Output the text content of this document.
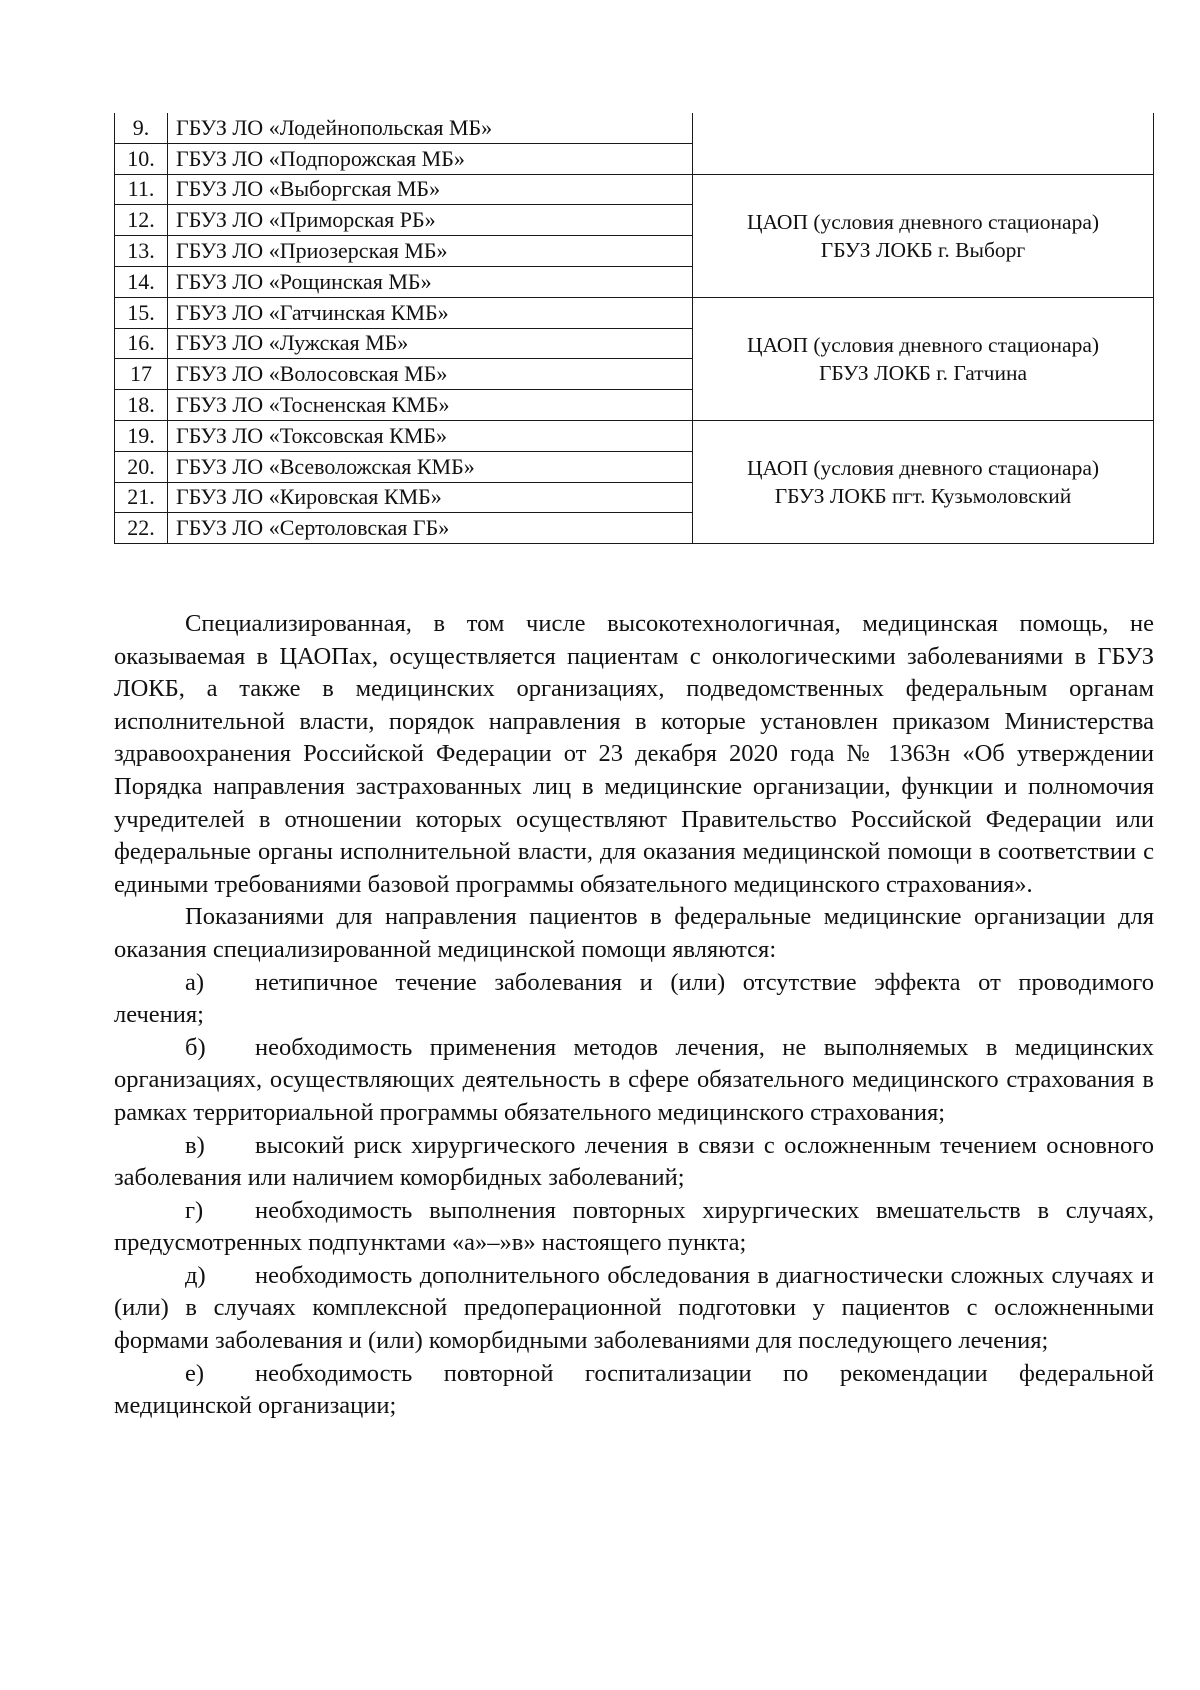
9.	ГБУЗ ЛО «Лодейнопольская МБ»	

10.	ГБУЗ ЛО «Подпорожская МБ»	
11.	ГБУЗ ЛО «Выборгская МБ»	ЦАОП (условия дневного стационара)
ГБУЗ ЛОКБ г. Выборг
12.	ГБУЗ ЛО «Приморская РБ»	
13.	ГБУЗ ЛО «Приозерская МБ»	
14.	ГБУЗ ЛО «Рощинская МБ»	
15.	ГБУЗ ЛО «Гатчинская КМБ»	ЦАОП (условия дневного стационара)
ГБУЗ ЛОКБ г. Гатчина
16.	ГБУЗ ЛО «Лужская МБ»	
17	ГБУЗ ЛО «Волосовская МБ»	
18.	ГБУЗ ЛО «Тосненская КМБ»	
19.	ГБУЗ ЛО «Токсовская КМБ»	ЦАОП (условия дневного стационара)
ГБУЗ ЛОКБ пгт. Кузьмоловский
20.	ГБУЗ ЛО «Всеволожская КМБ»	
21.	ГБУЗ ЛО «Кировская КМБ»	
22.	ГБУЗ ЛО «Сертоловская ГБ»	

Специализированная, в том числе высокотехнологичная, медицинская помощь, не оказываемая в ЦАОПах, осуществляется пациентам с онкологическими заболеваниями в ГБУЗ ЛОКБ, а также в медицинских организациях, подведомственных федеральным органам исполнительной власти, порядок направления в которые установлен приказом Министерства здравоохранения Российской Федерации от 23 декабря 2020 года № 1363н «Об утверждении Порядка направления застрахованных лиц в медицинские организации, функции и полномочия учредителей в отношении которых осуществляют Правительство Российской Федерации или федеральные органы исполнительной власти, для оказания медицинской помощи в соответствии с едиными требованиями базовой программы обязательного медицинского страхования».

Показаниями для направления пациентов в федеральные медицинские организации для оказания специализированной медицинской помощи являются:

а) нетипичное течение заболевания и (или) отсутствие эффекта от проводимого лечения;

б) необходимость применения методов лечения, не выполняемых в медицинских организациях, осуществляющих деятельность в сфере обязательного медицинского страхования в рамках территориальной программы обязательного медицинского страхования;

в) высокий риск хирургического лечения в связи с осложненным течением основного заболевания или наличием коморбидных заболеваний;

г) необходимость выполнения повторных хирургических вмешательств в случаях, предусмотренных подпунктами «а»–»в» настоящего пункта;

д) необходимость дополнительного обследования в диагностически сложных случаях и (или) в случаях комплексной предоперационной подготовки у пациентов с осложненными формами заболевания и (или) коморбидными заболеваниями для последующего лечения;

е) необходимость повторной госпитализации по рекомендации федеральной медицинской организации;
